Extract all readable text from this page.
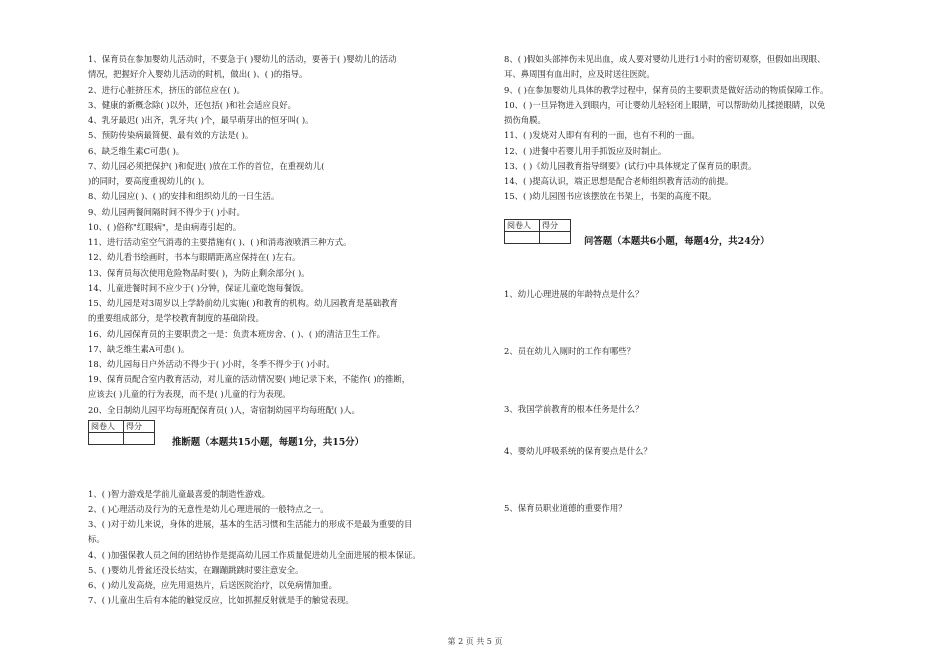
1、保育员在参加婴幼儿活动时，不要急于( )婴幼儿的活动，要善于( )婴幼儿的活动
情况，把握好介入婴幼儿活动的时机，做出( )、( )的指导。
2、进行心脏挤压术，挤压的部位应在( )。
3、健康的新概念除( )以外，还包括( )和社会适应良好。
4、乳牙最迟( )出齐，乳牙共( )个，最早萌芽出的恒牙叫( )。
5、预防传染病最简便、最有效的方法是( )。
6、缺乏维生素C可患( )。
7、幼儿园必须把保护( )和促进( )放在工作的首位，在重视幼儿(
)的同时，要高度重视幼儿的( )。
8、幼儿园应( )、( )的安排和组织幼儿的一日生活。
9、幼儿园两餐间隔时间不得少于( )小时。
10、( )俗称"红眼病"，是由病毒引起的。
11、进行活动室空气消毒的主要措施有( )、( )和消毒液喷洒三种方式。
12、幼儿看书绘画时，书本与眼睛距离应保持在( )左右。
13、保育员每次使用危险物品时要( )，为防止剩余部分( )。
14、儿童进餐时间不应少于( )分钟，保证儿童吃饱每餐饭。
15、幼儿园是对3周岁以上学龄前幼儿实施( )和教育的机构。幼儿园教育是基础教育
的重要组成部分，是学校教育制度的基础阶段。
16、幼儿园保育员的主要职责之一是：负责本班房舍、( )、( )的清洁卫生工作。
17、缺乏维生素A可患( )。
18、幼儿园每日户外活动不得少于( )小时，冬季不得少于( )小时。
19、保育员配合室内教育活动，对儿童的活动情况要( )地记录下来，不能作( )的推断，
应该去( )儿童的行为表现，而不是( )儿童的行为表现。
20、全日制幼儿园平均每班配保育员( )人，寄宿制幼园平均每班配( )人。
阅卷人	得分

推断题（本题共15小题，每题1分，共15分）
1、( )智力游戏是学前儿童最喜爱的制造性游戏。
2、( )心理活动及行为的无意性是幼儿心理进展的一般特点之一。
3、( )对于幼儿来说，身体的进展，基本的生活习惯和生活能力的形成不是最为重要的目
标。
4、( )加强保教人员之间的团结协作是提高幼儿园工作质量促进幼儿全面进展的根本保证。
5、( )婴幼儿骨盆还没长结实，在蹦蹦跳跳时要注意安全。
6、( )幼儿发高烧，应先用退热片，后送医院治疗，以免病情加重。
7、( )儿童出生后有本能的触觉反应，比如抓握反射就是手的触觉表现。
8、( )假如头部摔伤未见出血，成人要对婴幼儿进行1小时的密切观察，但假如出现眼、
耳、鼻周围有血出时，应及时送往医院。
9、( )在参加婴幼儿具体的教学过程中，保育员的主要职责是做好活动的物质保障工作。
10、( )一旦异物进入到眼内，可让婴幼儿轻轻闭上眼睛，可以帮助幼儿揉搓眼睛，以免
损伤角膜。
11、( )发烧对人即有有利的一面，也有不利的一面。
12、( )进餐中若婴儿用手抓饭应及时制止。
13、( )《幼儿园教育指导纲要》(试行)中具体规定了保育员的职责。
14、( )提高认识，端正思想是配合老师组织教育活动的前提。
15、( )幼儿园图书应该摆放在书架上，书架的高度不限。
阅卷人	得分

问答题（本题共6小题，每题4分，共24分）
1、幼儿心理进展的年龄特点是什么？
2、员在幼儿入厕时的工作有哪些？
3、我国学前教育的根本任务是什么？
4、婴幼儿呼吸系统的保育要点是什么？
5、保育员职业道德的重要作用？
第 2 页 共 5 页
